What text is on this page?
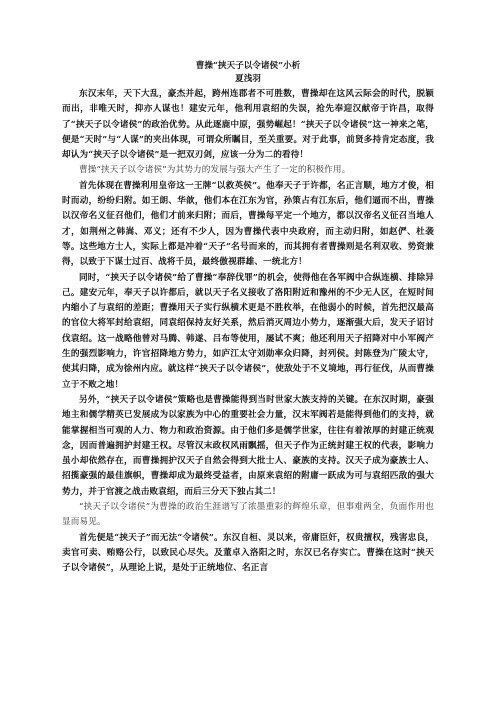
曹操“挟天子以令诸侯”小析

夏浅羽

东汉末年，天下大乱，豪杰并起，跨州连郡者不可胜数，曹操却在这风云际会的时代，脱颖而出，非唯天时，抑亦人谋也！建安元年，他利用袁绍的失误，抢先奉迎汉献帝于许昌，取得了“挟天子以令诸侯”的政治优势。从此逐鹿中原，强势崛起！“挟天子以令诸侯”这一神来之笔，便是“天时”与“人谋”的夹出体现，可谓众所瞩目，至关重要。对于此事，前贤多持肯定态度，我却认为“挟天子以令诸侯”是一把双刃剑，应该一分为二的看待！

曹操“挟天子以令诸侯”为其势力的发展与强大产生了一定的积极作用。

首先体现在曹操利用皇帝这一王牌“以救英侯”。他奉天子于许都，名正言顺，地方才俊，相时而动，纷纷归附。如王朗、华歆，他们本在江东为官，孙策占有江东后，他们逼而不出，曹操以汉帝名义征召他们，他们才前来归附；而后，曹操每平定一个地方，都以汉帝名义征召当地人才，如荆州之韩嵩、邓义；还有不少人，因为曹操代表中央政府，而主动归附，如赵俨、杜袭等。这些地方士人，实际上都是冲着“天子”名号而来的，而其拥有者曹操则是名利双收、势资兼得，以致于下谋士过百、战将千员，最终傲视群雄、一统北方！

同时，“挟天子以令诸侯”给了曹操“奉辞伐罪”的机会，使得他在各军阀中合纵连横、排除异己。建安元年，奉天子以许都后，就以天子名义接收了洛阳附近和豫州的不少无人区，在短时间内缩小了与袁绍的差距；曹操用天子实行纵横术更是不胜枚举，在他弱小的时候，首先把汉最高的官位大将军封给袁绍，同袁绍保持友好关系，然后消灭周边小势力，逐渐强大后，发天子诏讨伐袁绍。这一战略他曾对马腾、韩遂、吕布等使用，屡试不爽；他还利用天子招降对中小军阀产生的强烈影响力，许官招降地方势力，如庐江太守刘勋率众归降，封列侯。封陈登为广陵太守，使其归降，成为徐州内应。就这样“挟天子以令诸侯”，使敌处于不义境地，再行征伐，从而曹操立于不败之地！

另外，“挟天子以令诸侯”策略也是曹操能得到当时世家大族支持的关键。在东汉时期，豪强地主和儒学精英已发展成为以家族为中心的重要社会力量，汉末军阀若是能得到他们的支持，就能掌握相当可观的人力、物力和政治资源。由于他们多是儒学世家，往往有着浓厚的封建正统观念，因而普遍拥护封建王权。尽管汉末政权风雨飘摇，但天子作为正统封建王权的代表，影响力虽小却依然存在，而曹操拥护汉天子自然会得到大批士人、豪族的支持。汉天子成为豪族士人、招揽豪强的最佳旗帜，曹操却成为最终受益者，由原来袁绍的附庸一跃成为可与袁绍匹敌的强大势力，并于官渡之战击败袁绍，而后三分天下独占其二！

“挟天子以令诸侯”为曹操的政治生涯谱写了浓墨重彩的辉煌乐章，但事难两全，负面作用也显而易见。

首先便是“挟天子”而无法“令诸侯”。东汉自桓、灵以来，帝庸臣奸，权贵擅权，残害忠良，卖官可卖、贿赂公行，以致民心尽失。及董卓入洛阳之时，东汉已名存实亡。曹操在这时“挟天子以令诸侯”，从理论上说，是处于正统地位、名正言
